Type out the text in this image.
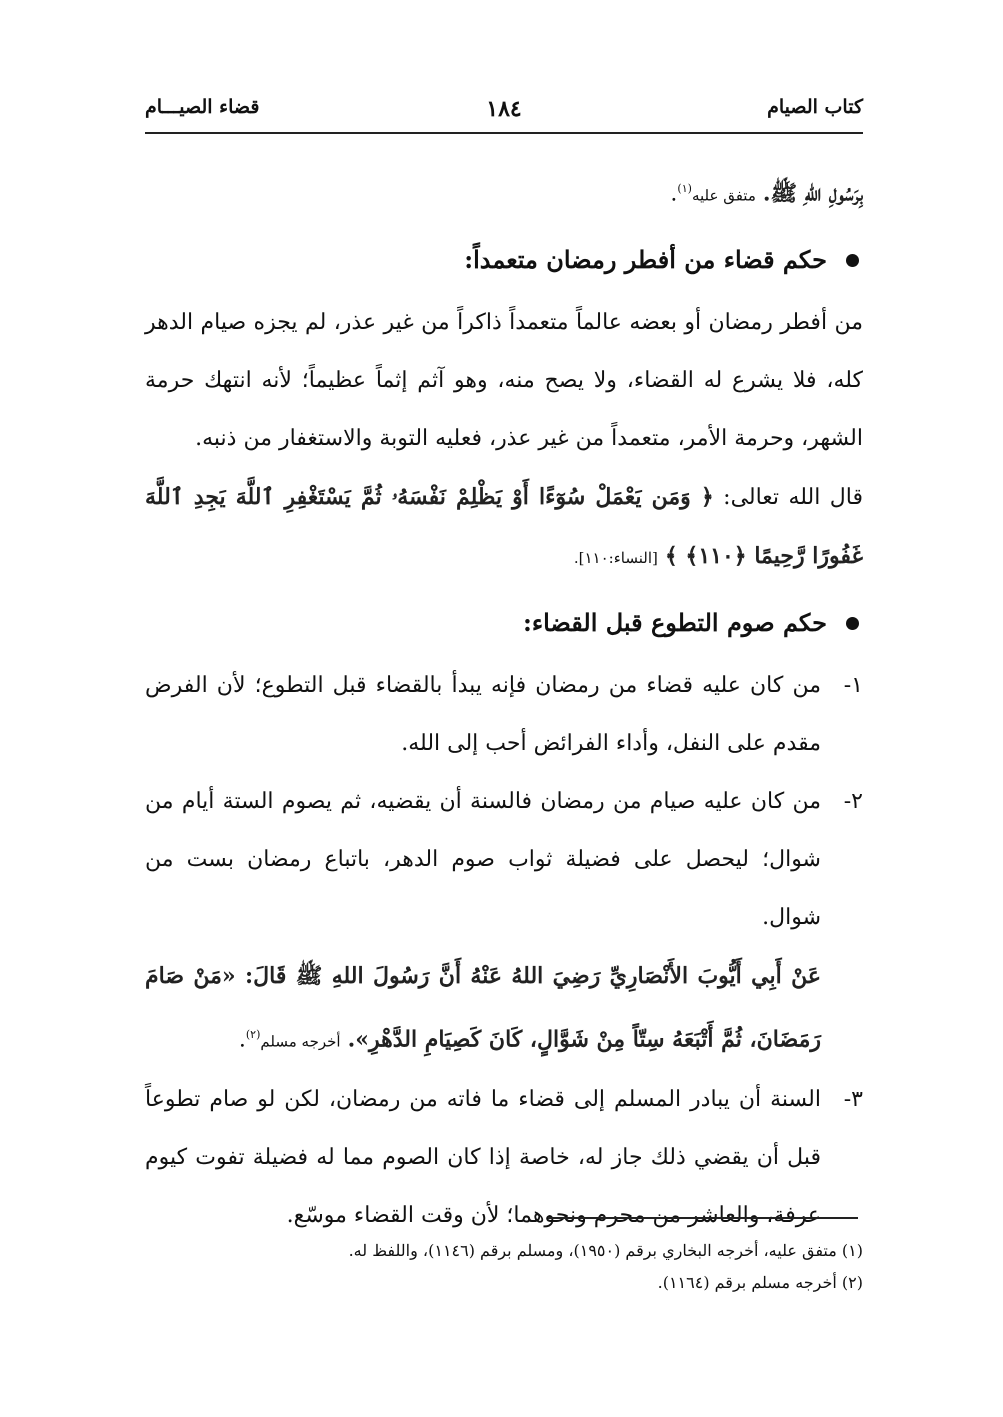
كتاب الصيام
١٨٤
قضاء الصيـــام

بِرَسُولِ اللهِ ﷺ. متفق عليه$^{(١)}$.

حكم قضاء من أفطر رمضان متعمداً:

من أفطر رمضان أو بعضه عالماً متعمداً ذاكراً من غير عذر، لم يجزه صيام الدهر كله، فلا يشرع له القضاء، ولا يصح منه، وهو آثم إثماً عظيماً؛ لأنه انتهك حرمة الشهر، وحرمة الأمر، متعمداً من غير عذر، فعليه التوبة والاستغفار من ذنبه.

قال الله تعالى: ﴿ وَمَن يَعْمَلْ سُوٓءًا أَوْ يَظْلِمْ نَفْسَهُۥ ثُمَّ يَسْتَغْفِرِ ٱللَّهَ يَجِدِ ٱللَّهَ غَفُورًا رَّحِيمًا ﴿١١٠﴾ ﴾ [النساء:١١٠].

حكم صوم التطوع قبل القضاء:
١-

من كان عليه قضاء من رمضان فإنه يبدأ بالقضاء قبل التطوع؛ لأن الفرض مقدم على النفل، وأداء الفرائض أحب إلى الله.

٢-

من كان عليه صيام من رمضان فالسنة أن يقضيه، ثم يصوم الستة أيام من شوال؛ ليحصل على فضيلة ثواب صوم الدهر، باتباع رمضان بست من شوال.

عَنْ أَبِي أَيُّوبَ الأَنْصَارِيِّ رَضِيَ اللهُ عَنْهُ أَنَّ رَسُولَ اللهِ ﷺ قَالَ: «مَنْ صَامَ رَمَضَانَ، ثُمَّ أَتْبَعَهُ سِتّاً مِنْ شَوَّالٍ، كَانَ كَصِيَامِ الدَّهْرِ». أخرجه مسلم$^{(٢)}$.

٣-

السنة أن يبادر المسلم إلى قضاء ما فاته من رمضان، لكن لو صام تطوعاً قبل أن يقضي ذلك جاز له، خاصة إذا كان الصوم مما له فضيلة تفوت كيوم عرفة، والعاشر من محرم ونحوهما؛ لأن وقت القضاء موسّع.

(١) متفق عليه، أخرجه البخاري برقم (١٩٥٠)، ومسلم برقم (١١٤٦)، واللفظ له.

(٢) أخرجه مسلم برقم (١١٦٤).
